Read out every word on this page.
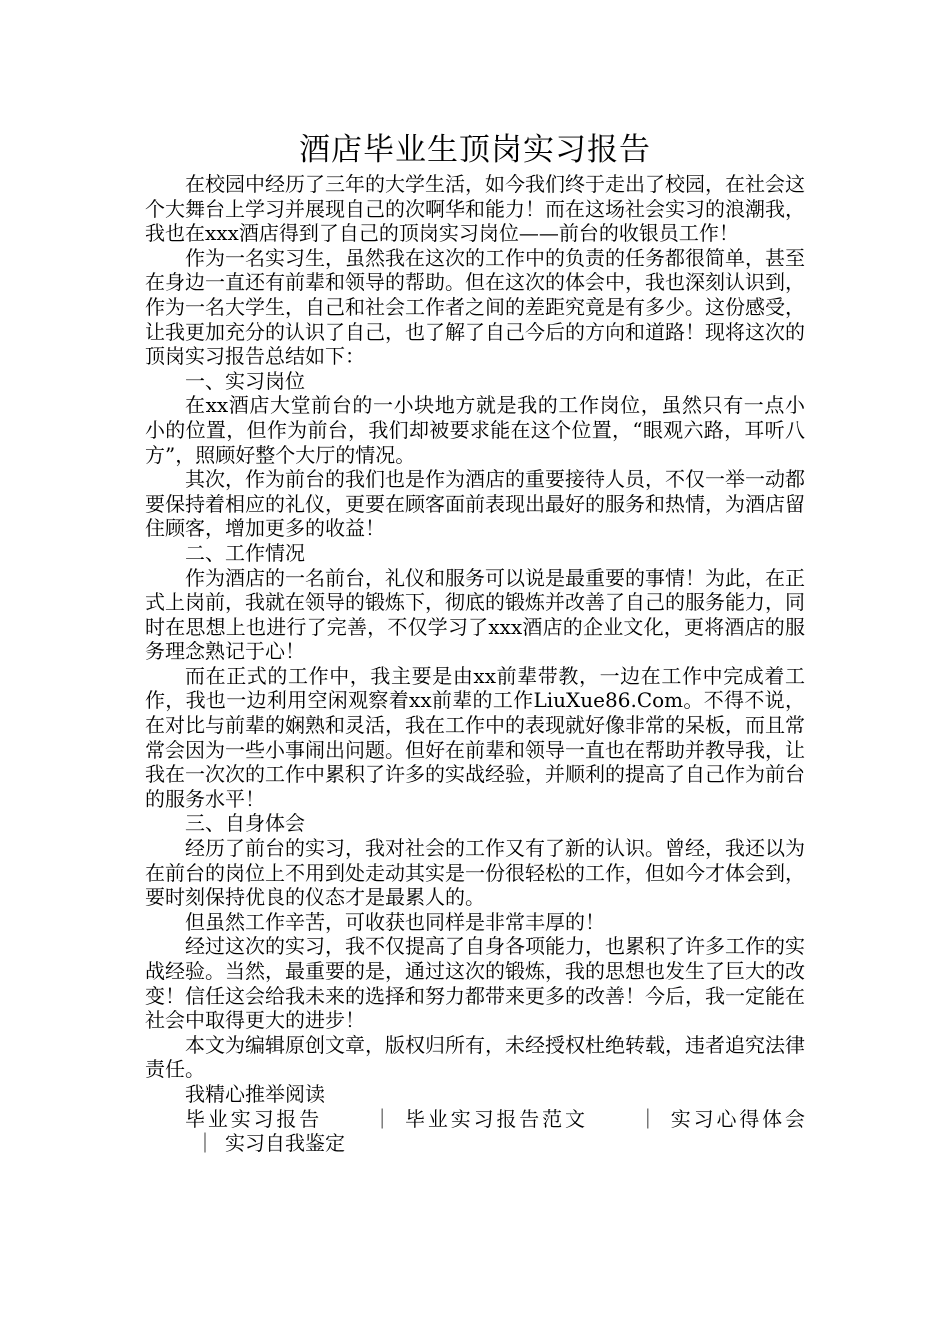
酒店毕业生顶岗实习报告

在校园中经历了三年的大学生活，如今我们终于走出了校园，在社会这个大舞台上学习并展现自己的次啊华和能力！而在这场社会实习的浪潮我，我也在xxx酒店得到了自己的顶岗实习岗位——前台的收银员工作！

作为一名实习生，虽然我在这次的工作中的负责的任务都很简单，甚至在身边一直还有前辈和领导的帮助。但在这次的体会中，我也深刻认识到，作为一名大学生，自己和社会工作者之间的差距究竟是有多少。这份感受，让我更加充分的认识了自己，也了解了自己今后的方向和道路！现将这次的顶岗实习报告总结如下：

一、实习岗位

在xx酒店大堂前台的一小块地方就是我的工作岗位，虽然只有一点小小的位置，但作为前台，我们却被要求能在这个位置，“眼观六路，耳听八方”，照顾好整个大厅的情况。

其次，作为前台的我们也是作为酒店的重要接待人员，不仅一举一动都要保持着相应的礼仪，更要在顾客面前表现出最好的服务和热情，为酒店留住顾客，增加更多的收益！

二、工作情况

作为酒店的一名前台，礼仪和服务可以说是最重要的事情！为此，在正式上岗前，我就在领导的锻炼下，彻底的锻炼并改善了自己的服务能力，同时在思想上也进行了完善，不仅学习了xxx酒店的企业文化，更将酒店的服务理念熟记于心！

而在正式的工作中，我主要是由xx前辈带教，一边在工作中完成着工作，我也一边利用空闲观察着xx前辈的工作LiuXue86.Com。不得不说，在对比与前辈的娴熟和灵活，我在工作中的表现就好像非常的呆板，而且常常会因为一些小事闹出问题。但好在前辈和领导一直也在帮助并教导我，让我在一次次的工作中累积了许多的实战经验，并顺利的提高了自己作为前台的服务水平！

三、自身体会

经历了前台的实习，我对社会的工作又有了新的认识。曾经，我还以为在前台的岗位上不用到处走动其实是一份很轻松的工作，但如今才体会到，要时刻保持优良的仪态才是最累人的。

但虽然工作辛苦，可收获也同样是非常丰厚的！

经过这次的实习，我不仅提高了自身各项能力，也累积了许多工作的实战经验。当然，最重要的是，通过这次的锻炼，我的思想也发生了巨大的改变！信任这会给我未来的选择和努力都带来更多的改善！今后，我一定能在社会中取得更大的进步！

本文为编辑原创文章，版权归所有，未经授权杜绝转载，违者追究法律责任。

我精心推举阅读

毕业实习报告	｜ 毕业实习报告范文	｜ 实习心得体会｜ 实习自我鉴定
